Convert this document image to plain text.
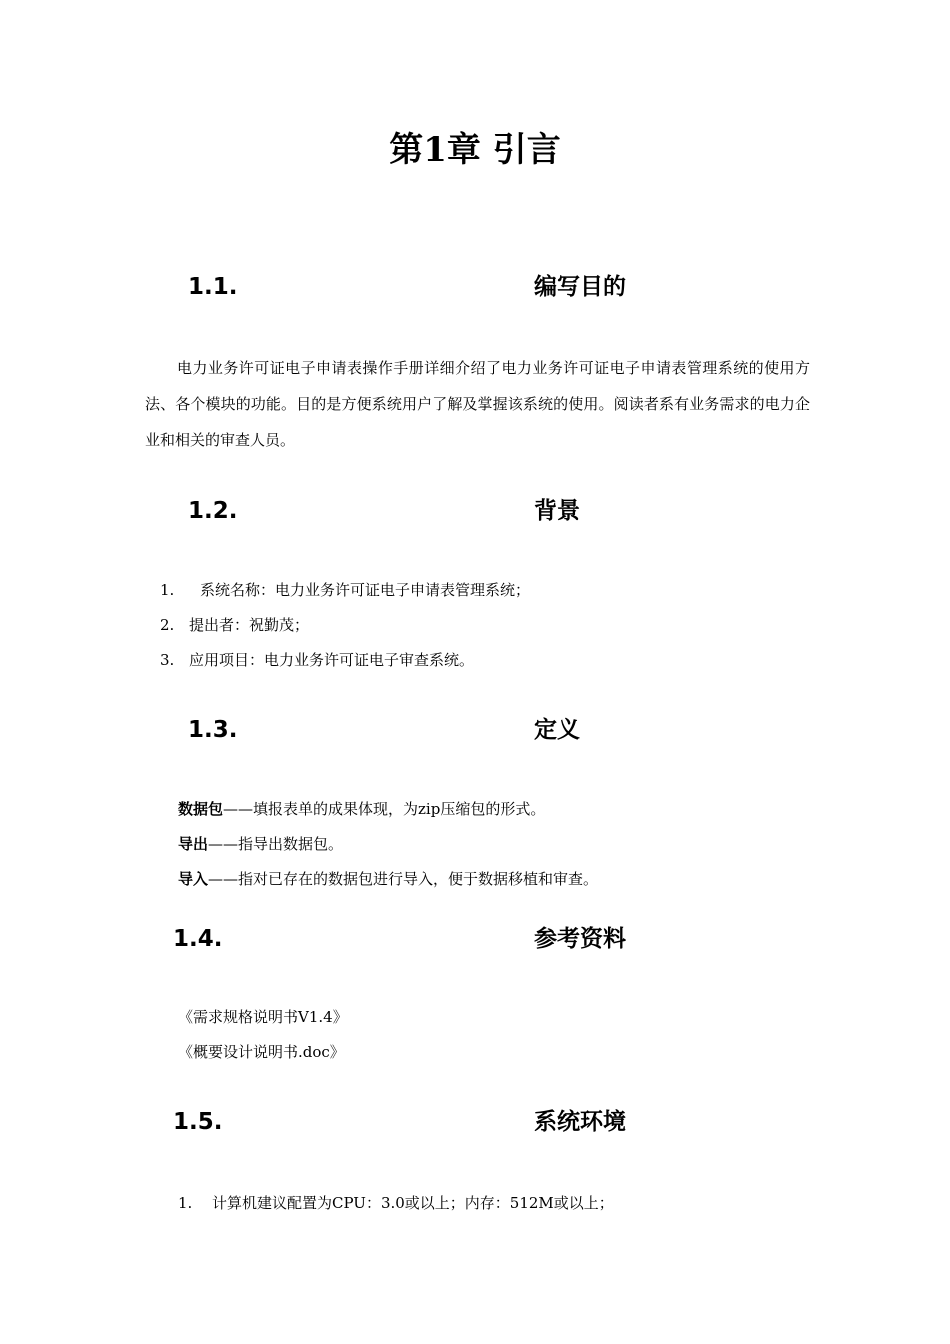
第1章 引言
1.1.	编写目的

电力业务许可证电子申请表操作手册详细介绍了电力业务许可证电子申请表管理系统的使用方法、各个模块的功能。目的是方便系统用户了解及掌握该系统的使用。阅读者系有业务需求的电力企业和相关的审查人员。

1.2.	背景
1. 系统名称：电力业务许可证电子申请表管理系统；
2. 提出者：祝勤茂；
3. 应用项目：电力业务许可证电子审查系统。
1.3.	定义
数据包——填报表单的成果体现，为zip压缩包的形式。
导出——指导出数据包。
导入——指对已存在的数据包进行导入，便于数据移植和审查。
1.4.	参考资料
《需求规格说明书V1.4》
《概要设计说明书.doc》
1.5.	系统环境
1. 计算机建议配置为CPU：3.0或以上；内存：512M或以上；
